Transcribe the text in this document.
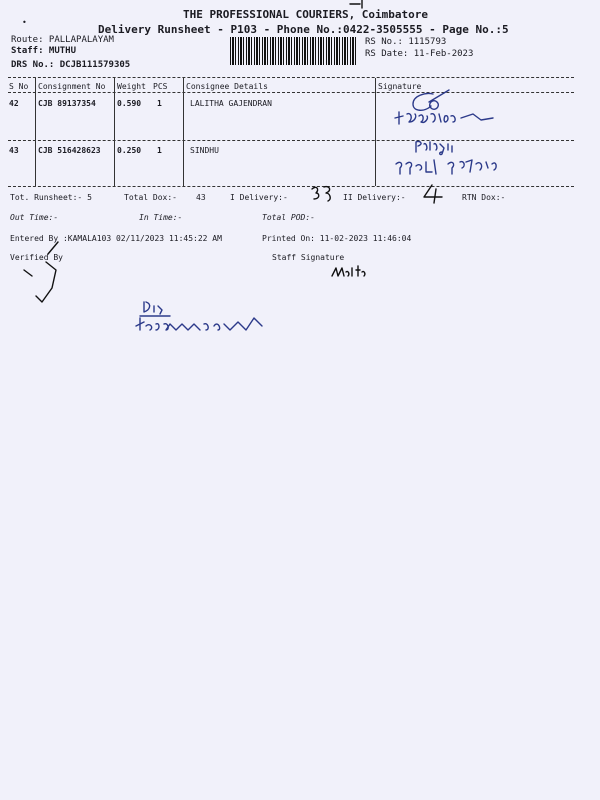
THE PROFESSIONAL COURIERS, Coimbatore
Delivery Runsheet - P103 - Phone No.:0422-3505555 - Page No.:5
Route: PALLAPALAYAM
Staff: MUTHU
DRS No.: DCJB111579305
RS No.: 1115793
RS Date: 11-Feb-2023
•
S No Consignment No Weight PCS Consignee Details	Signature
42 CJB 89137354	0.590 1	LALITHA GAJENDRAN
43 CJB 516428623 0.250 1	SINDHU
Tot. Runsheet:- 5	Total Dox:- 43	I Delivery:-	II Delivery:-	RTN Dox:-
Out Time:-	In Time:-	Total POD:-
Entered By :KAMALA103 02/11/2023 11:45:22 AM	Printed On: 11-02-2023 11:46:04
Verified By	Staff Signature
